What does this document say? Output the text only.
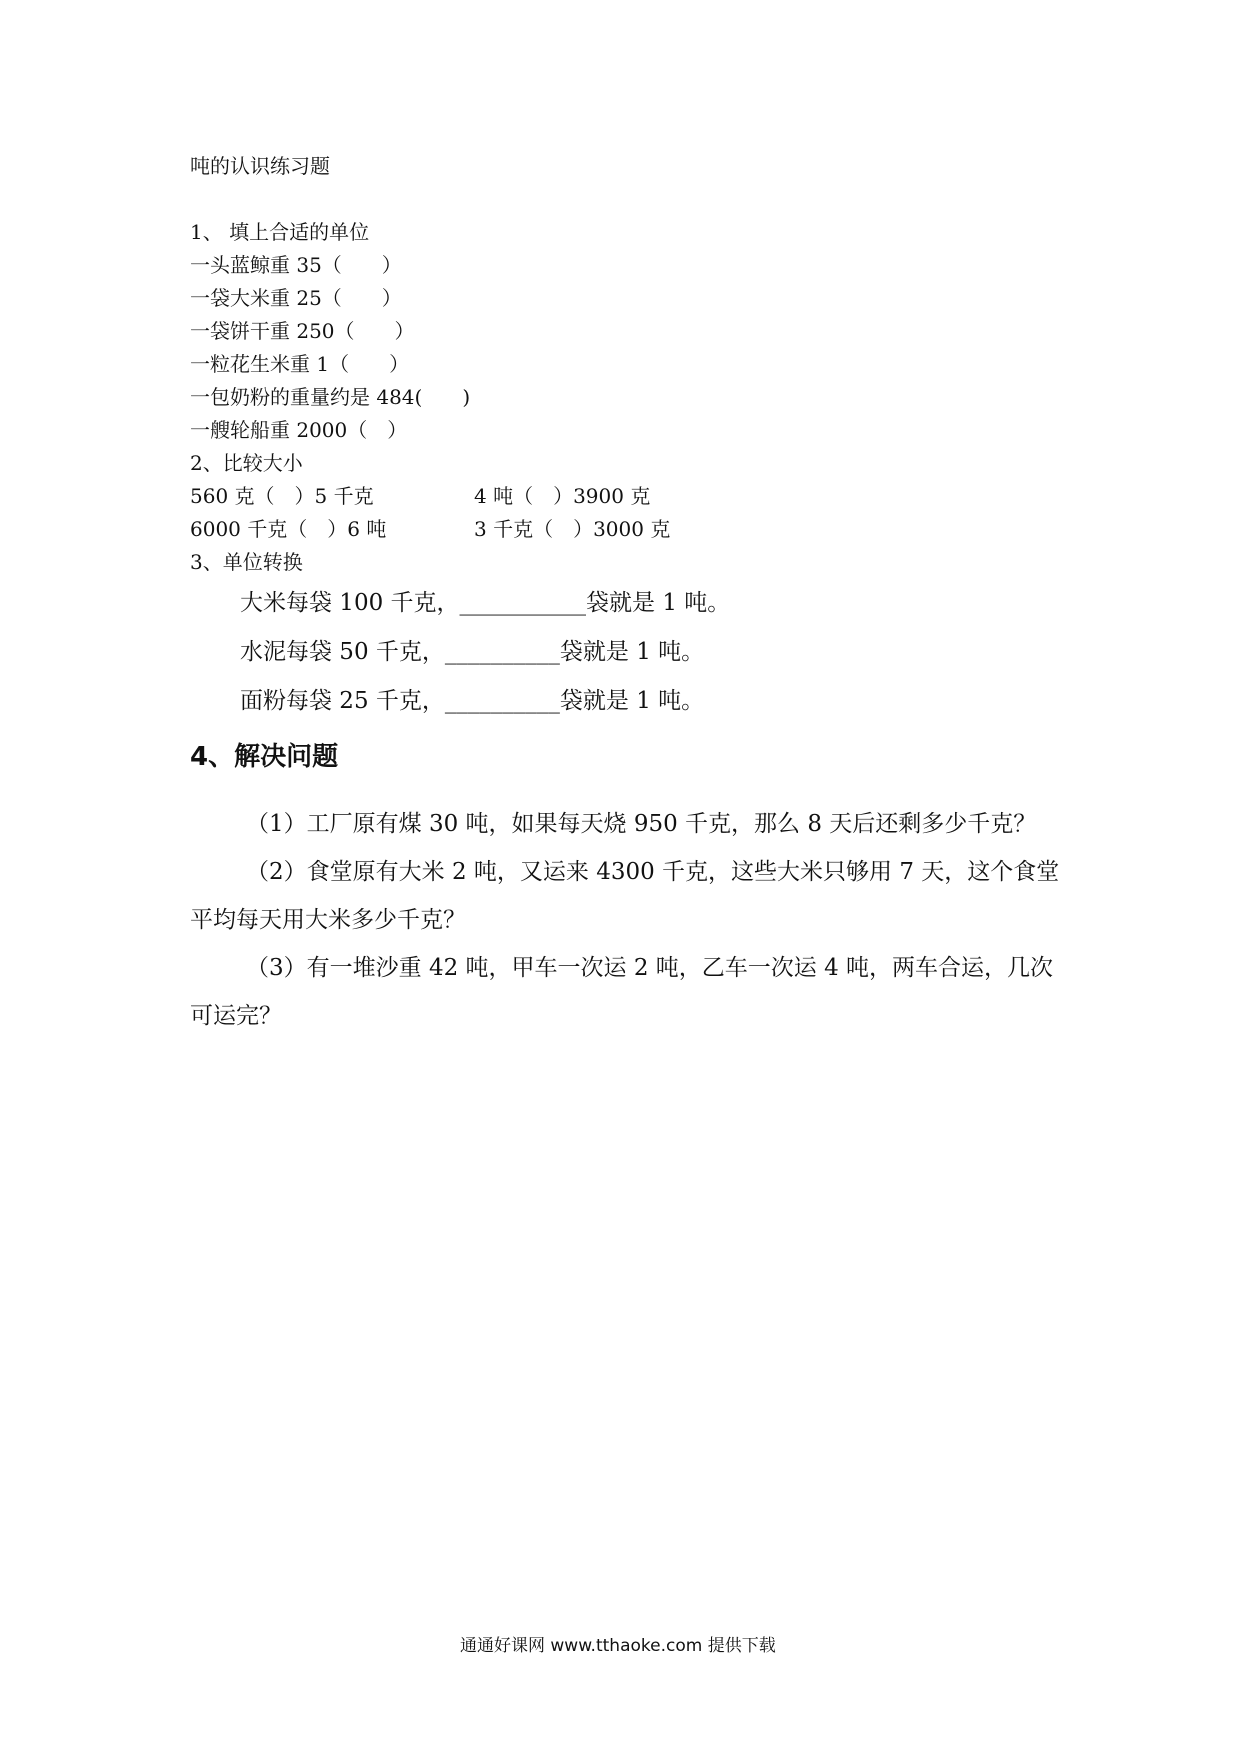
吨的认识练习题
1、 填上合适的单位
一头蓝鲸重 35（　　）
一袋大米重 25（　　）
一袋饼干重 250（　　）
一粒花生米重 1（　　）
一包奶粉的重量约是 484(　　)
一艘轮船重 2000（　）
2、比较大小
560 克（　）5 千克	4 吨（　）3900 克
6000 千克（　）6 吨	3 千克（　）3000 克
3、单位转换
大米每袋 100 千克，___________袋就是 1 吨。
水泥每袋 50 千克，__________袋就是 1 吨。
面粉每袋 25 千克，__________袋就是 1 吨。
4、解决问题
（1）工厂原有煤 30 吨，如果每天烧 950 千克，那么 8 天后还剩多少千克？
（2）食堂原有大米 2 吨，又运来 4300 千克，这些大米只够用 7 天，这个食堂平均每天用大米多少千克？
（3）有一堆沙重 42 吨，甲车一次运 2 吨，乙车一次运 4 吨，两车合运，几次可运完？
通通好课网 www.tthaoke.com 提供下载
